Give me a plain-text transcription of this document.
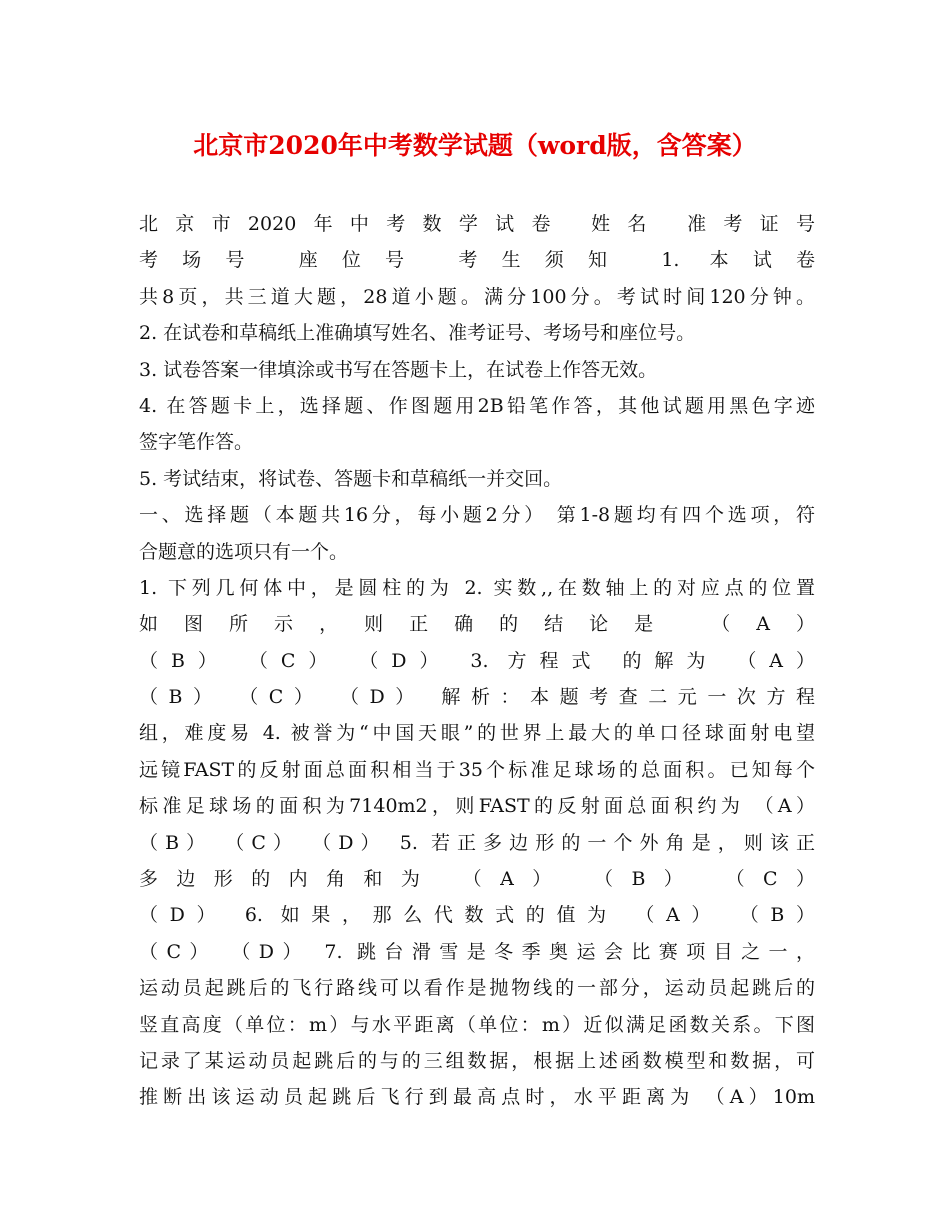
北京市2020年中考数学试题（word版，含答案）
北京市2020年中考数学试卷 姓名 准考证号
考场号 座位号 考生须知 1. 本试卷
共8页，共三道大题，28道小题。满分100分。考试时间120分钟。
2. 在试卷和草稿纸上准确填写姓名、准考证号、考场号和座位号。
3. 试卷答案一律填涂或书写在答题卡上，在试卷上作答无效。
4. 在答题卡上，选择题、作图题用2B铅笔作答，其他试题用黑色字迹
签字笔作答。
5. 考试结束，将试卷、答题卡和草稿纸一并交回。
一、选择题（本题共16分，每小题2分） 第1-8题均有四个选项，符
合题意的选项只有一个。
1. 下列几何体中，是圆柱的为 2. 实数,,在数轴上的对应点的位置
如图所示，则正确的结论是 （A）
（B） （C） （D） 3. 方程式 的解为 （A）
（B） （C） （D） 解析：本题考查二元一次方程
组，难度易 4. 被誉为“中国天眼”的世界上最大的单口径球面射电望
远镜FAST的反射面总面积相当于35个标准足球场的总面积。已知每个
标准足球场的面积为7140m2，则FAST的反射面总面积约为 （A）
（B） （C） （D） 5. 若正多边形的一个外角是，则该正
多边形的内角和为 （A） （B） （C）
（D） 6. 如果，那么代数式的值为 （A） （B）
（C） （D） 7. 跳台滑雪是冬季奥运会比赛项目之一，
运动员起跳后的飞行路线可以看作是抛物线的一部分，运动员起跳后的
竖直高度（单位：m）与水平距离（单位：m）近似满足函数关系。下图
记录了某运动员起跳后的与的三组数据，根据上述函数模型和数据，可
推断出该运动员起跳后飞行到最高点时，水平距离为 （A）10m
